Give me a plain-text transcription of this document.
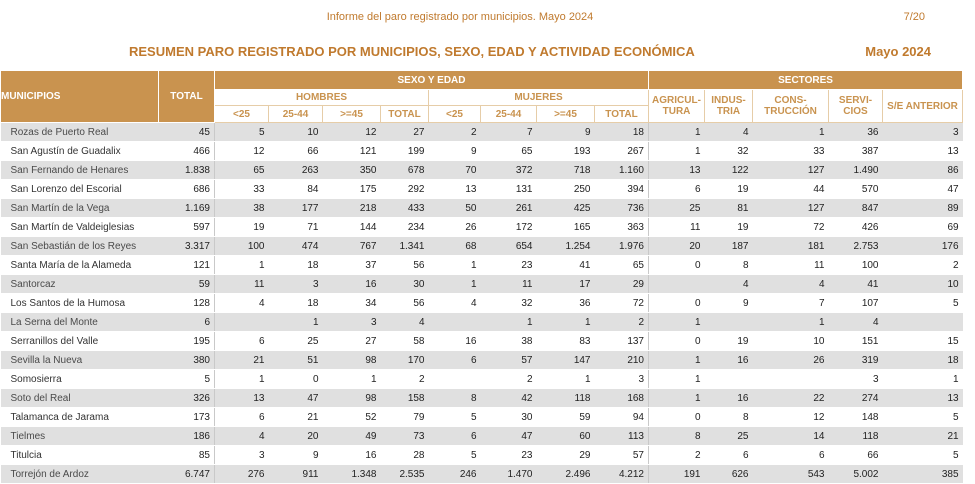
Informe del paro registrado por municipios. Mayo 2024	7/20
RESUMEN PARO REGISTRADO POR MUNICIPIOS, SEXO, EDAD Y ACTIVIDAD ECONÓMICA	Mayo 2024
MUNICIPIOS	TOTAL	SEXO Y EDAD								SECTORES				
		HOMBRES				MUJERES				AGRICUL- TURA	INDUS- TRIA	CONS- TRUCCIÓN	SERVI- CIOS	S/E ANTERIOR
		<25	25-44	>=45	TOTAL	<25	25-44	>=45	TOTAL					
Rozas de Puerto Real	45	5	10	12	27	2	7	9	18	1	4	1	36	3
San Agustín de Guadalix	466	12	66	121	199	9	65	193	267	1	32	33	387	13
San Fernando de Henares	1.838	65	263	350	678	70	372	718	1.160	13	122	127	1.490	86
San Lorenzo del Escorial	686	33	84	175	292	13	131	250	394	6	19	44	570	47
San Martín de la Vega	1.169	38	177	218	433	50	261	425	736	25	81	127	847	89
San Martín de Valdeiglesias	597	19	71	144	234	26	172	165	363	11	19	72	426	69
San Sebastián de los Reyes	3.317	100	474	767	1.341	68	654	1.254	1.976	20	187	181	2.753	176
Santa María de la Alameda	121	1	18	37	56	1	23	41	65	0	8	11	100	2
Santorcaz	59	11	3	16	30	1	11	17	29		4	4	41	10
Los Santos de la Humosa	128	4	18	34	56	4	32	36	72	0	9	7	107	5
La Serna del Monte	6		1	3	4		1	1	2	1		1	4	
Serranillos del Valle	195	6	25	27	58	16	38	83	137	0	19	10	151	15
Sevilla la Nueva	380	21	51	98	170	6	57	147	210	1	16	26	319	18
Somosierra	5	1	0	1	2		2	1	3	1			3	1
Soto del Real	326	13	47	98	158	8	42	118	168	1	16	22	274	13
Talamanca de Jarama	173	6	21	52	79	5	30	59	94	0	8	12	148	5
Tielmes	186	4	20	49	73	6	47	60	113	8	25	14	118	21
Titulcia	85	3	9	16	28	5	23	29	57	2	6	6	66	5
Torrejón de Ardoz	6.747	276	911	1.348	2.535	246	1.470	2.496	4.212	191	626	543	5.002	385
